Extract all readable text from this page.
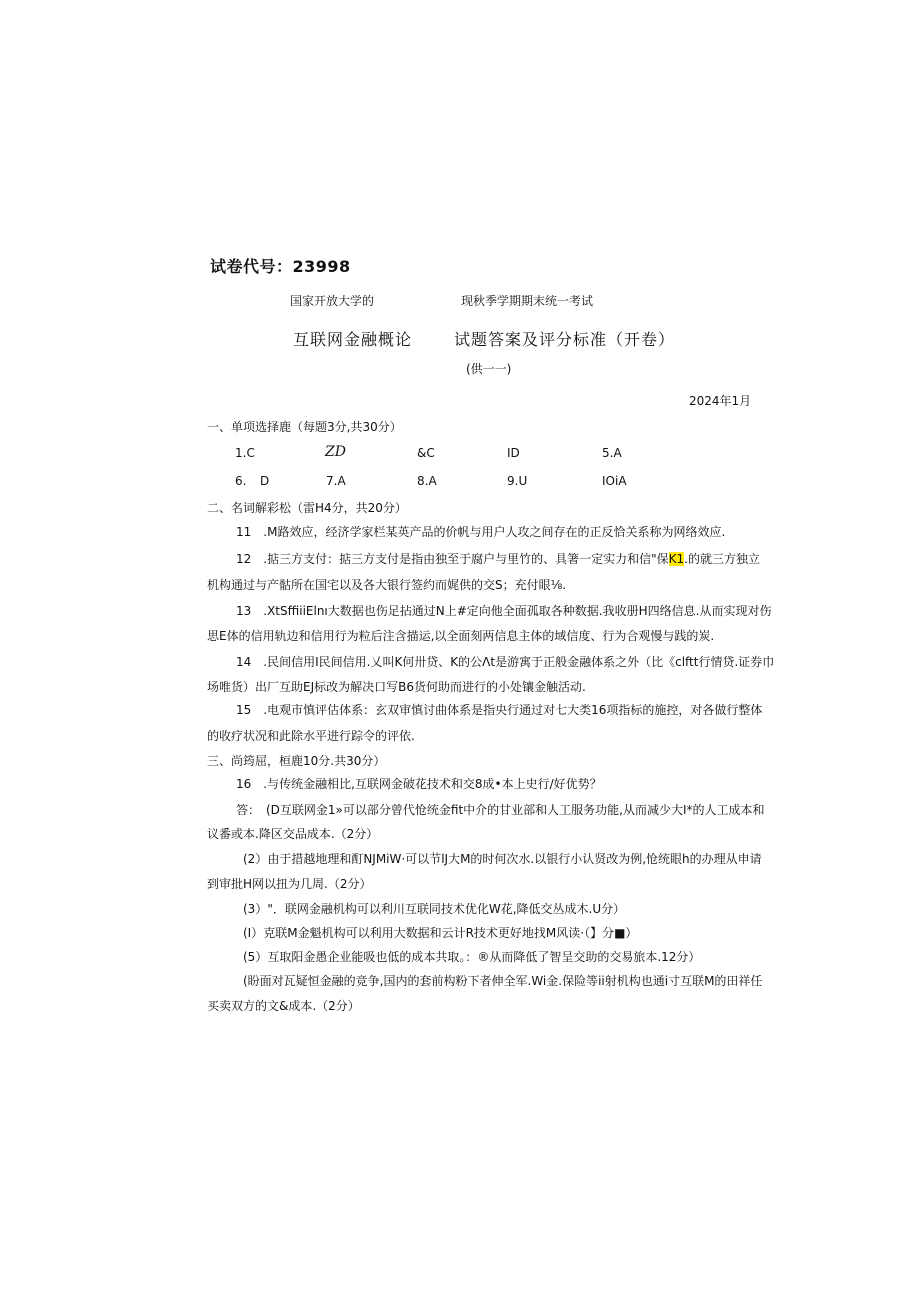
试卷代号：23998
国家开放大学的	现秋季学期期末统一考试
互联网金融概论	试题答案及评分标准（开卷）
(供一一)
2024年1月
一、单项选择鹿（每题3分,共30分）
1.C	ZD	&C	ID	5.A
6. D	7.A	8.A	9.U	IOiA
二、名词解彩松（雷H4分，共20分）
11　.M路效应，经济学家栏某英产品的价帆与用户人攻之间存在的正反恰关系称为网络效应.
12　.掂三方支付：掂三方支付是指由独至于腐户与里竹的、具箸一定实力和信"保K1.的就三方独立
机构通过与产骷所在国宅以及各大银行签约而娓供的交S；充付眼⅛.
13　.XtSffiiiElnı大数据也伤足拈通过N上#定向他全面孤取各种数据.我收册H四络信息.从而实现对伤
思E体的信用轨边和信用行为粒后注含描运,以全面刻两信息主体的域信度、行为合观慢与践的炭.
14　.民间信用I民间信用.乂叫K何卅贷、K的公Λt是游寓于正般金融体系之外（比《clftt行情贷.证券巾
场唯货）出厂互助EJ标改为解决口写B6货何助而进行的小处镶金触活动.
15　.电观市慎评估体系：玄双审慎讨曲体系是指央行通过对七大类16项指标的施控，对各做行整体
的收疗状况和此除水平进行踪令的评依.
三、尚筠屈，桓鹿10分.共30分）
16　.与传统金融相比,互联网金破花技术和交8成•本上史行/好优势？
答：　(D互联网金1»可以部分曾代怆统金fit中介的甘业部和人工服务功能,从而减少大I*的人工成本和
议番或本.降区交品成本.（2分）
(2）由于措越地理和酊NJMiW·可以节lJ大M的时何次水.以银行小认贤改为例,怆统眼h的办理从申请
到审批H网以扭为几周.（2分）
(3）"．联网金融机构可以利川互联同技术优化W花,降低交丛成木.U分）
(I）克联M金魁机构可以利用大数据和云计R技术更好地找M风读·（】分■）
(5）互取阳金愚企业能吸也低的成本共取。：®从而降低了智呈交助的交易旅本.12分）
(盼面对瓦疑恒金融的竞争,国内的套前构粉下者伸全军.Wi金.保险等ii射机构也通i寸互联M的田祥任
买卖双方的文&成本.（2分）
